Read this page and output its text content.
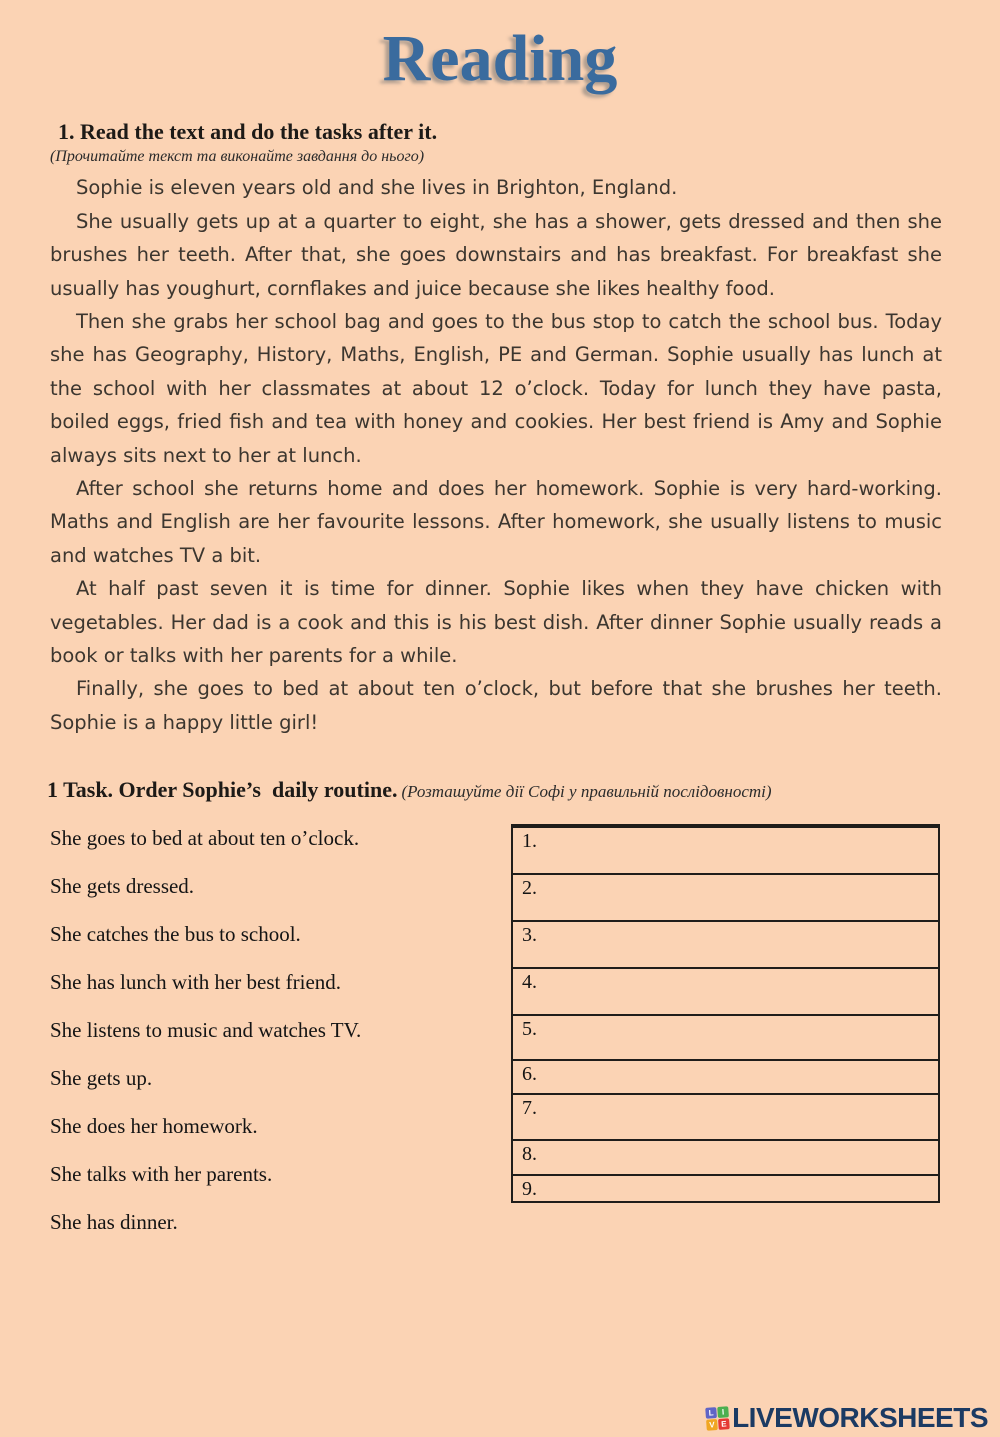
Reading
1. Read the text and do the tasks after it.
(Прочитайте текст та виконайте завдання до нього)

Sophie is eleven years old and she lives in Brighton, England.

She usually gets up at a quarter to eight, she has a shower, gets dressed and then she brushes her teeth. After that, she goes downstairs and has breakfast. For breakfast she usually has youghurt, cornflakes and juice because she likes healthy food.

Then she grabs her school bag and goes to the bus stop to catch the school bus. Today she has Geography, History, Maths, English, PE and German. Sophie usually has lunch at the school with her classmates at about 12 o’clock. Today for lunch they have pasta, boiled eggs, fried fish and tea with honey and cookies. Her best friend is Amy and Sophie always sits next to her at lunch.

After school she returns home and does her homework. Sophie is very hard-working. Maths and English are her favourite lessons. After homework, she usually listens to music and watches TV a bit.

At half past seven it is time for dinner. Sophie likes when they have chicken with vegetables. Her dad is a cook and this is his best dish. After dinner Sophie usually reads a book or talks with her parents for a while.

Finally, she goes to bed at about ten o’clock, but before that she brushes her teeth. Sophie is a happy little girl!

1 Task. Order Sophie’s  daily routine. (Розташуйте дії Софі у правильній послідовності)
She goes to bed at about ten o’clock.
She gets dressed.
She catches the bus to school.
She has lunch with her best friend.
She listens to music and watches TV.
She gets up.
She does her homework.
She talks with her parents.
She has dinner.
1.
2.
3.
4.
5.
6.
7.
8.
9.
L I
V E LIVEWORKSHEETS
